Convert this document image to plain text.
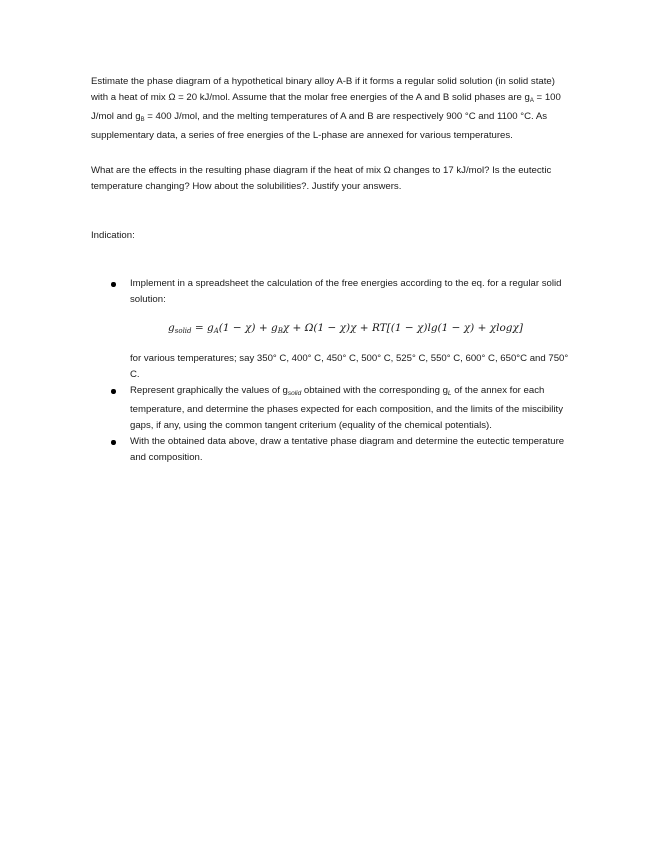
Estimate the phase diagram of a hypothetical binary alloy A-B if it forms a regular solid solution (in solid state) with a heat of mix Ω = 20 kJ/mol. Assume that the molar free energies of the A and B solid phases are $g_A = 100$ J/mol and $g_B = 400$ J/mol, and the melting temperatures of A and B are respectively 900 °C and 1100 °C. As supplementary data, a series of free energies of the L-phase are annexed for various temperatures.

What are the effects in the resulting phase diagram if the heat of mix Ω changes to 17 kJ/mol? Is the eutectic temperature changing? How about the solubilities?. Justify your answers.

Indication:

Implement in a spreadsheet the calculation of the free energies according to the eq. for a regular solid solution:
gsolid = gA(1 − χ) + gBχ + Ω(1 − χ)χ + RT[(1 − χ)lg(1 − χ) + χlogχ]
for various temperatures; say 350° C, 400° C, 450° C, 500° C, 525° C, 550° C, 600° C, 650°C and 750° C.
Represent graphically the values of $g_{solid}$ obtained with the corresponding $g_L$ of the annex for each temperature, and determine the phases expected for each composition, and the limits of the miscibility gaps, if any, using the common tangent criterium (equality of the chemical potentials).
With the obtained data above, draw a tentative phase diagram and determine the eutectic temperature and composition.
